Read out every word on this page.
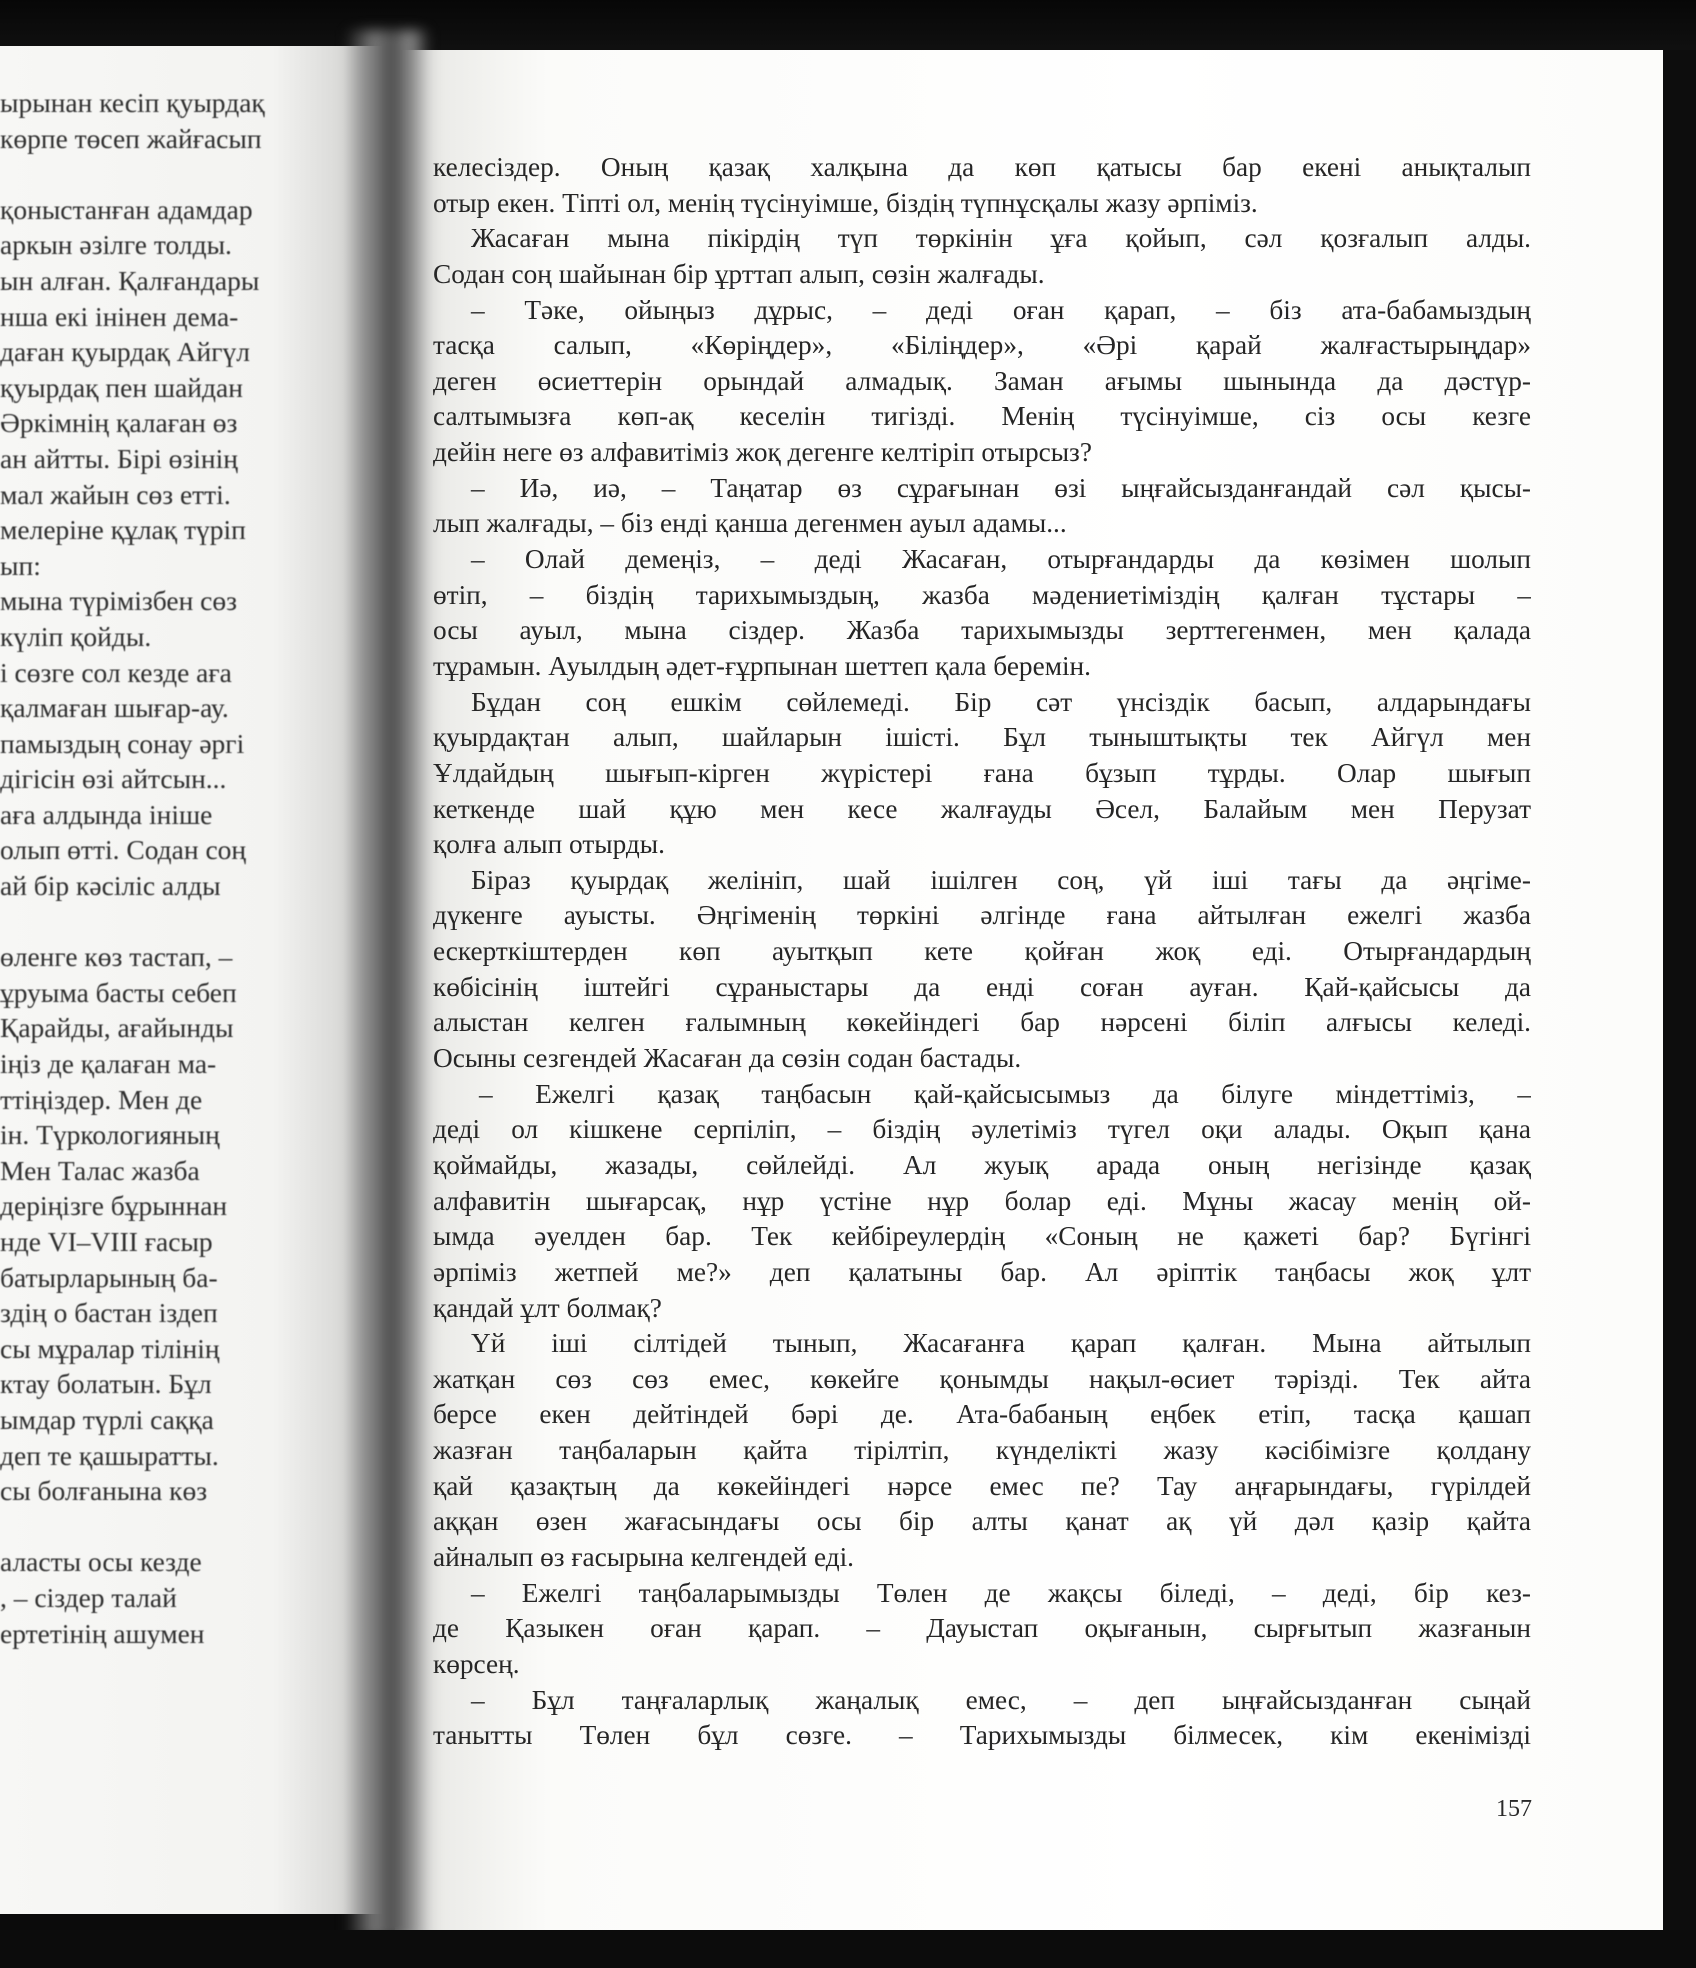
ырынан кесіп қуырдақ
көрпе төсеп жайғасып
қоныстанған адамдар
аркын әзілге толды.
ын алған. Қалғандары
нша екі інінен дема-
даған қуырдақ Айгүл
қуырдақ пен шайдан
Әркімнің қалаған өз
ан айтты. Бірі өзінің
мал жайын сөз етті.
мелеріне құлақ түріп
ып:
мына түрімізбен сөз
күліп қойды.
і сөзге сол кезде аға
қалмаған шығар-ау.
памыздың сонау әргі
дігісін өзі айтсын...
аға алдында ініше
олып өтті. Содан соң
ай бір кәсіліс алды
өленге көз тастап, –
ұруыма басты себеп
Қарайды, ағайынды
іңіз де қалаған ма-
ттіңіздер. Мен де
ін. Түркологияның
Мен Талас жазба
деріңізге бұрыннан
нде VI–VIII ғасыр
батырларының ба-
здің о бастан іздеп
сы мұралар тілінің
ктау болатын. Бұл
ымдар түрлі саққа
деп те қашыратты.
сы болғанына көз
аласты осы кезде
, – сіздер талай
ертетінің ашумен
келесіздер. Оның қазақ халқына да көп қатысы бар екені анықталып
отыр екен. Тіпті ол, менің түсінуімше, біздің түпнұсқалы жазу әрпіміз.
Жасаған мына пікірдің түп төркінін ұға қойып, сәл қозғалып алды.
Содан соң шайынан бір ұрттап алып, сөзін жалғады.
– Тәке, ойыңыз дұрыс, – деді оған қарап, – біз ата-бабамыздың
тасқа салып, «Көріңдер», «Біліңдер», «Әрі қарай жалғастырыңдар»
деген өсиеттерін орындай алмадық. Заман ағымы шынында да дәстүр-
салтымызға көп-ақ кеселін тигізді. Менің түсінуімше, сіз осы кезге
дейін неге өз алфавитіміз жоқ дегенге келтіріп отырсыз?
– Иә, иә, – Таңатар өз сұрағынан өзі ыңғайсызданғандай сәл қысы-
лып жалғады, – біз енді қанша дегенмен ауыл адамы...
– Олай демеңіз, – деді Жасаған, отырғандарды да көзімен шолып
өтіп, – біздің тарихымыздың, жазба мәдениетіміздің қалған тұстары –
осы ауыл, мына сіздер. Жазба тарихымызды зерттегенмен, мен қалада
тұрамын. Ауылдың әдет-ғұрпынан шеттеп қала беремін.
Бұдан соң ешкім сөйлемеді. Бір сәт үнсіздік басып, алдарындағы
қуырдақтан алып, шайларын ішісті. Бұл тыныштықты тек Айгүл мен
Ұлдайдың шығып-кірген жүрістері ғана бұзып тұрды. Олар шығып
кеткенде шай құю мен кесе жалғауды Әсел, Балайым мен Перузат
қолға алып отырды.
Біраз қуырдақ желініп, шай ішілген соң, үй іші тағы да әңгіме-
дүкенге ауысты. Әңгіменің төркіні әлгінде ғана айтылған ежелгі жазба
ескерткіштерден көп ауытқып кете қойған жоқ еді. Отырғандардың
көбісінің іштейгі сұраныстары да енді соған ауған. Қай-қайсысы да
алыстан келген ғалымның көкейіндегі бар нәрсені біліп алғысы келеді.
Осыны сезгендей Жасаған да сөзін содан бастады.
– Ежелгі қазақ таңбасын қай-қайсысымыз да білуге міндеттіміз, –
деді ол кішкене серпіліп, – біздің әулетіміз түгел оқи алады. Оқып қана
қоймайды, жазады, сөйлейді. Ал жуық арада оның негізінде қазақ
алфавитін шығарсақ, нұр үстіне нұр болар еді. Мұны жасау менің ой-
ымда әуелден бар. Тек кейбіреулердің «Соның не қажеті бар? Бүгінгі
әрпіміз жетпей ме?» деп қалатыны бар. Ал әріптік таңбасы жоқ ұлт
қандай ұлт болмақ?
Үй іші сілтідей тынып, Жасағанға қарап қалған. Мына айтылып
жатқан сөз сөз емес, көкейге қонымды нақыл-өсиет тәрізді. Тек айта
берсе екен дейтіндей бәрі де. Ата-бабаның еңбек етіп, тасқа қашап
жазған таңбаларын қайта тірілтіп, күнделікті жазу кәсібімізге қолдану
қай қазақтың да көкейіндегі нәрсе емес пе? Тау аңғарындағы, гүрілдей
аққан өзен жағасындағы осы бір алты қанат ақ үй дәл қазір қайта
айналып өз ғасырына келгендей еді.
– Ежелгі таңбаларымызды Төлен де жақсы біледі, – деді, бір кез-
де Қазыкен оған қарап. – Дауыстап оқығанын, сырғытып жазғанын
көрсең.
– Бұл таңғаларлық жаңалық емес, – деп ыңғайсызданған сыңай
танытты Төлен бұл сөзге. – Тарихымызды білмесек, кім екенімізді
157
